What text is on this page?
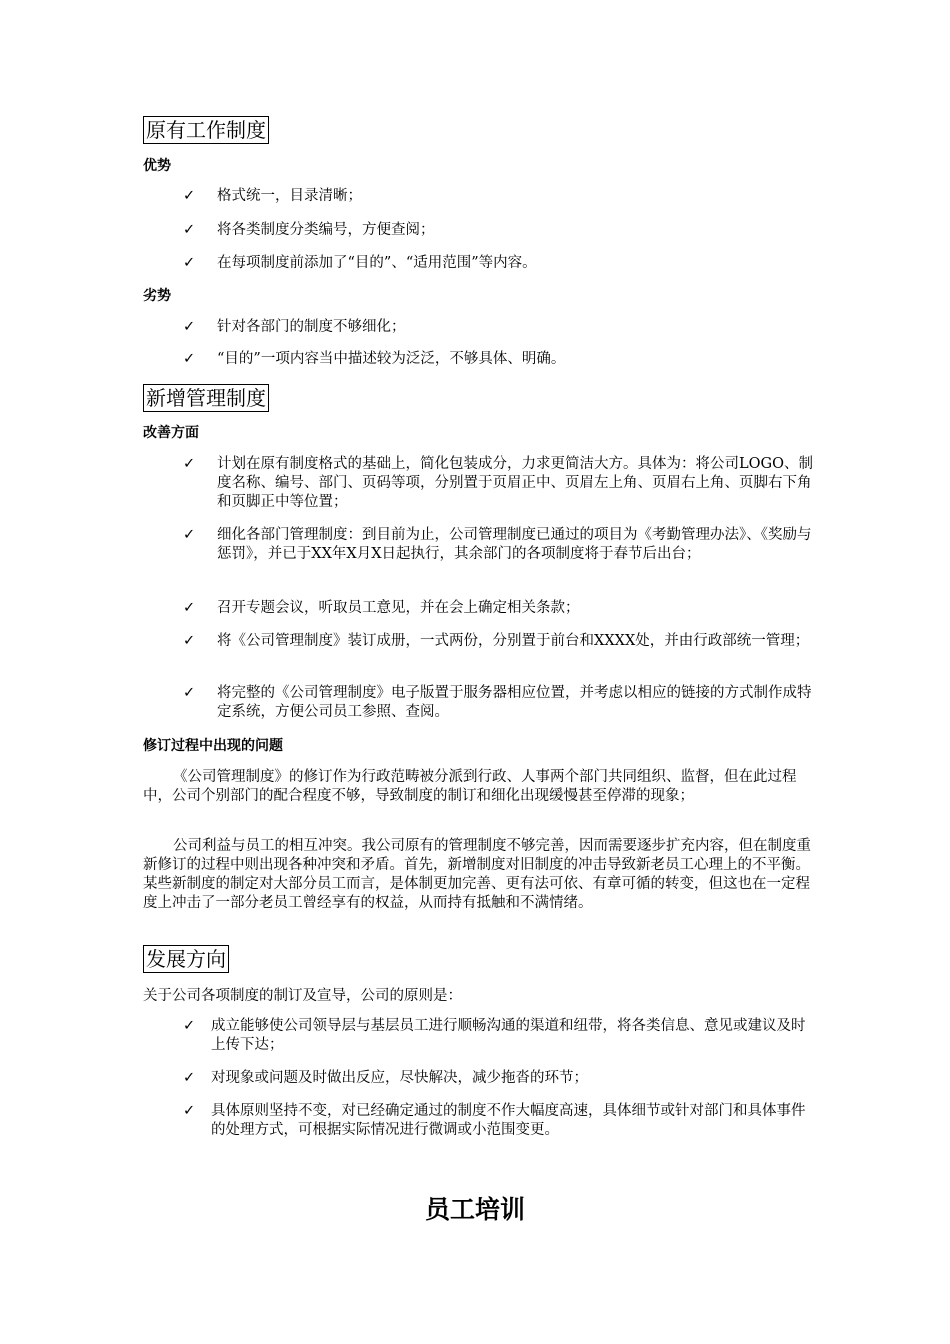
原有工作制度
优势
✓	格式统一，目录清晰；
✓	将各类制度分类编号，方便查阅；
✓	在每项制度前添加了“目的”、“适用范围”等内容。
劣势
✓	针对各部门的制度不够细化；
✓	“目的”一项内容当中描述较为泛泛，不够具体、明确。
新增管理制度
改善方面
✓	计划在原有制度格式的基础上，简化包装成分，力求更简洁大方。具体为：将公司LOGO、制度名称、编号、部门、页码等项，分别置于页眉正中、页眉左上角、页眉右上角、页脚右下角和页脚正中等位置；
✓	细化各部门管理制度：到目前为止，公司管理制度已通过的项目为《考勤管理办法》、《奖励与惩罚》，并已于XX年X月X日起执行，其余部门的各项制度将于春节后出台；
✓	召开专题会议，听取员工意见，并在会上确定相关条款；
✓	将《公司管理制度》装订成册，一式两份，分别置于前台和XXXX处，并由行政部统一管理；
✓	将完整的《公司管理制度》电子版置于服务器相应位置，并考虑以相应的链接的方式制作成特定系统，方便公司员工参照、查阅。
修订过程中出现的问题
《公司管理制度》的修订作为行政范畴被分派到行政、人事两个部门共同组织、监督，但在此过程中，公司个别部门的配合程度不够，导致制度的制订和细化出现缓慢甚至停滞的现象；
公司利益与员工的相互冲突。我公司原有的管理制度不够完善，因而需要逐步扩充内容，但在制度重新修订的过程中则出现各种冲突和矛盾。首先，新增制度对旧制度的冲击导致新老员工心理上的不平衡。某些新制度的制定对大部分员工而言，是体制更加完善、更有法可依、有章可循的转变，但这也在一定程度上冲击了一部分老员工曾经享有的权益，从而持有抵触和不满情绪。
发展方向
关于公司各项制度的制订及宣导，公司的原则是：
✓	成立能够使公司领导层与基层员工进行顺畅沟通的渠道和纽带，将各类信息、意见或建议及时上传下达；
✓	对现象或问题及时做出反应，尽快解决，减少拖沓的环节；
✓	具体原则坚持不变，对已经确定通过的制度不作大幅度高速，具体细节或针对部门和具体事件的处理方式，可根据实际情况进行微调或小范围变更。
员工培训
